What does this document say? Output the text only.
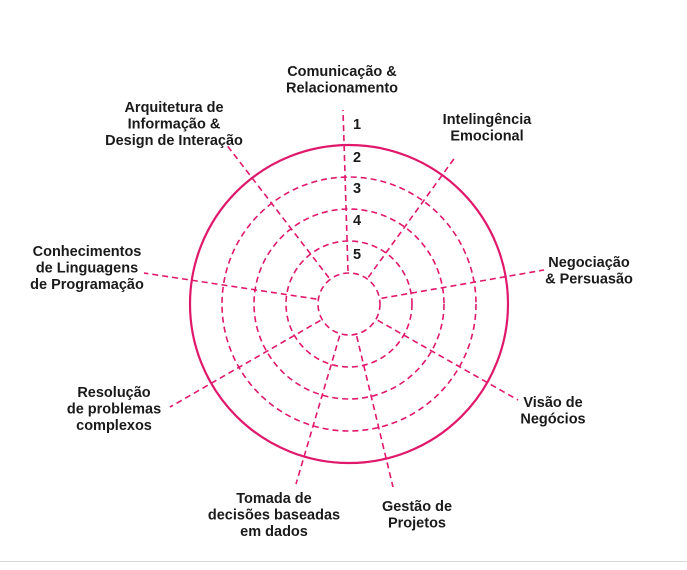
1
2
3
4
5
Comunicação & Relacionamento
Intelingência Emocional
Negociação & Persuasão
Visão de Negócios
Gestão de Projetos
Tomada de decisões baseadas em dados
Resolução de problemas complexos
Conhecimentos de Linguagens de Programação
Arquitetura de Informação & Design de Interação
